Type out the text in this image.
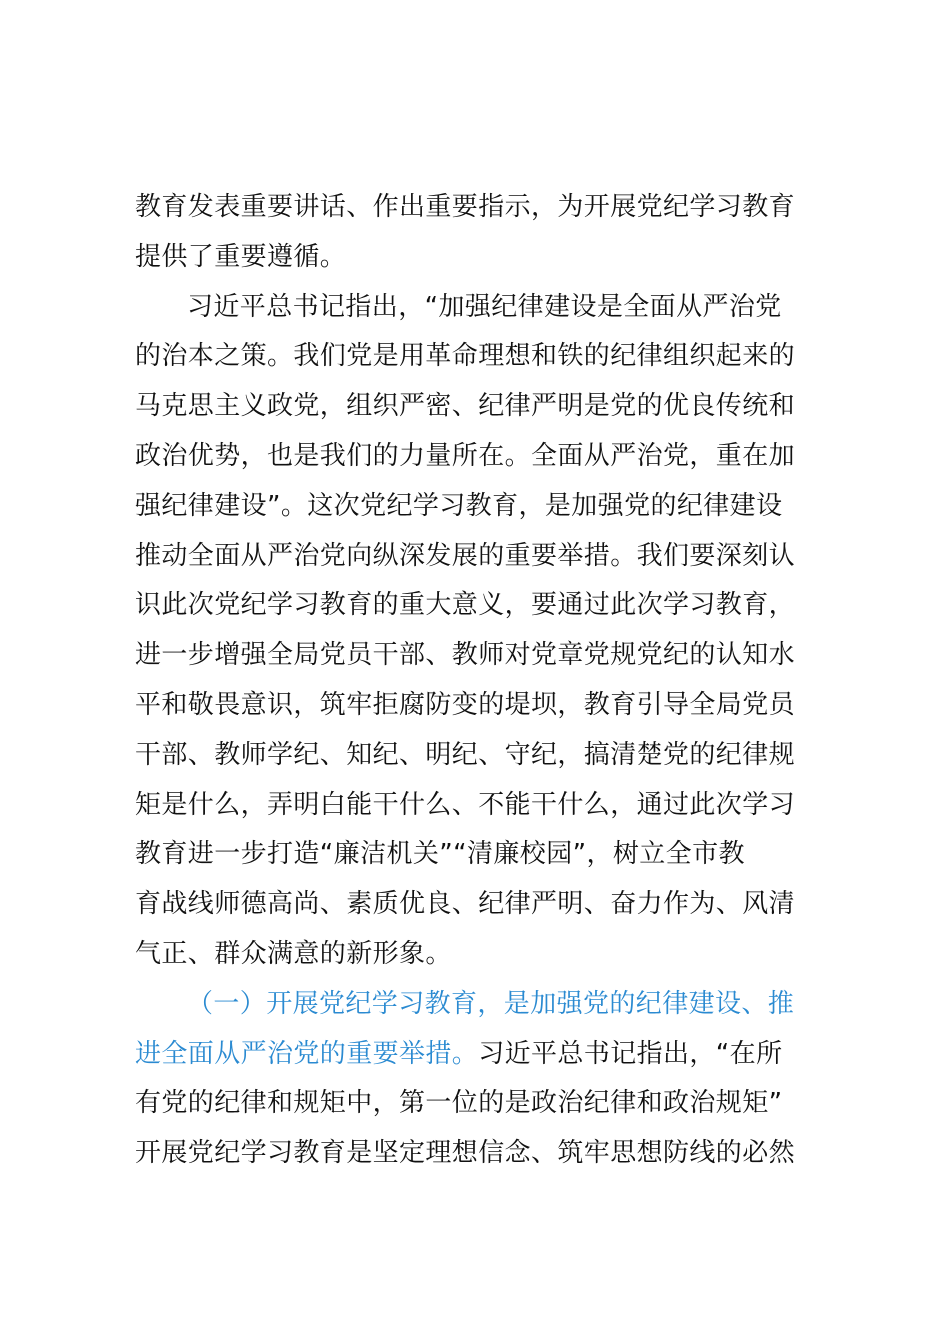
教育发表重要讲话、作出重要指示，为开展党纪学习教育
提供了重要遵循。
习近平总书记指出，“加强纪律建设是全面从严治党
的治本之策。我们党是用革命理想和铁的纪律组织起来的
马克思主义政党，组织严密、纪律严明是党的优良传统和
政治优势，也是我们的力量所在。全面从严治党，重在加
强纪律建设”。这次党纪学习教育，是加强党的纪律建设
推动全面从严治党向纵深发展的重要举措。我们要深刻认
识此次党纪学习教育的重大意义，要通过此次学习教育，
进一步增强全局党员干部、教师对党章党规党纪的认知水
平和敬畏意识，筑牢拒腐防变的堤坝，教育引导全局党员
干部、教师学纪、知纪、明纪、守纪，搞清楚党的纪律规
矩是什么，弄明白能干什么、不能干什么，通过此次学习
教育进一步打造“廉洁机关”“清廉校园”，树立全市教
育战线师德高尚、素质优良、纪律严明、奋力作为、风清
气正、群众满意的新形象。
（一）开展党纪学习教育，是加强党的纪律建设、推
进全面从严治党的重要举措。习近平总书记指出，“在所
有党的纪律和规矩中，第一位的是政治纪律和政治规矩”
开展党纪学习教育是坚定理想信念、筑牢思想防线的必然
